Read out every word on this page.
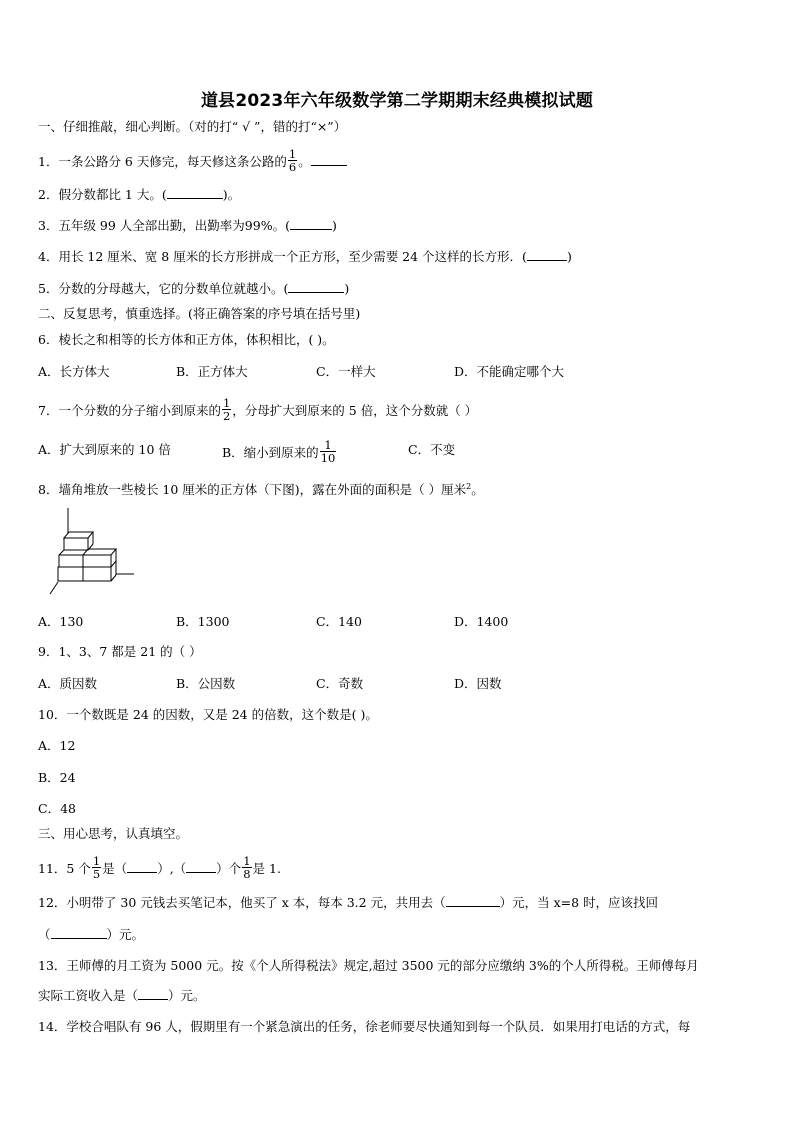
道县2023年六年级数学第二学期期末经典模拟试题
一、仔细推敲，细心判断。（对的打“ √ ”，错的打“×”）
1．一条公路分 6 天修完，每天修这条公路的 $\frac{1}{6}$ 。
2．假分数都比 1 大。(	)。
3．五年级 99 人全部出勤，出勤率为99%。(	)
4．用长 12 厘米、宽 8 厘米的长方形拼成一个正方形，至少需要 24 个这样的长方形．(	)
5．分数的分母越大，它的分数单位就越小。(	)
二、反复思考，慎重选择。(将正确答案的序号填在括号里)
6．棱长之和相等的长方体和正方体，体积相比，( )。
A．长方体大	B．正方体大	C．一样大	D．不能确定哪个大
7．一个分数的分子缩小到原来的 $\frac{1}{2}$ ，分母扩大到原来的 5 倍，这个分数就（ ）
A．扩大到原来的 10 倍	B．缩小到原来的 $\frac{1}{10}$	C．不变
8．墙角堆放一些棱长 10 厘米的正方体（下图)，露在外面的面积是（ ）厘米$^2$。
A．130	B．1300	C．140	D．1400
9．1、3、7 都是 21 的（ ）
A．质因数	B．公因数	C．奇数	D．因数
10．一个数既是 24 的因数，又是 24 的倍数，这个数是( )。
A．12
B．24
C．48
三、用心思考，认真填空。
11．5 个 $\frac{1}{5}$ 是（ ）,（ ）个 $\frac{1}{8}$ 是 1.
12．小明带了 30 元钱去买笔记本，他买了 x 本，每本 3.2 元，共用去（	）元，当 x=8 时，应该找回
（	）元。
13．王师傅的月工资为 5000 元。按《个人所得税法》规定,超过 3500 元的部分应缴纳 3%的个人所得税。王师傅每月
实际工资收入是（ ）元。
14．学校合唱队有 96 人，假期里有一个紧急演出的任务，徐老师要尽快通知到每一个队员．如果用打电话的方式，每
